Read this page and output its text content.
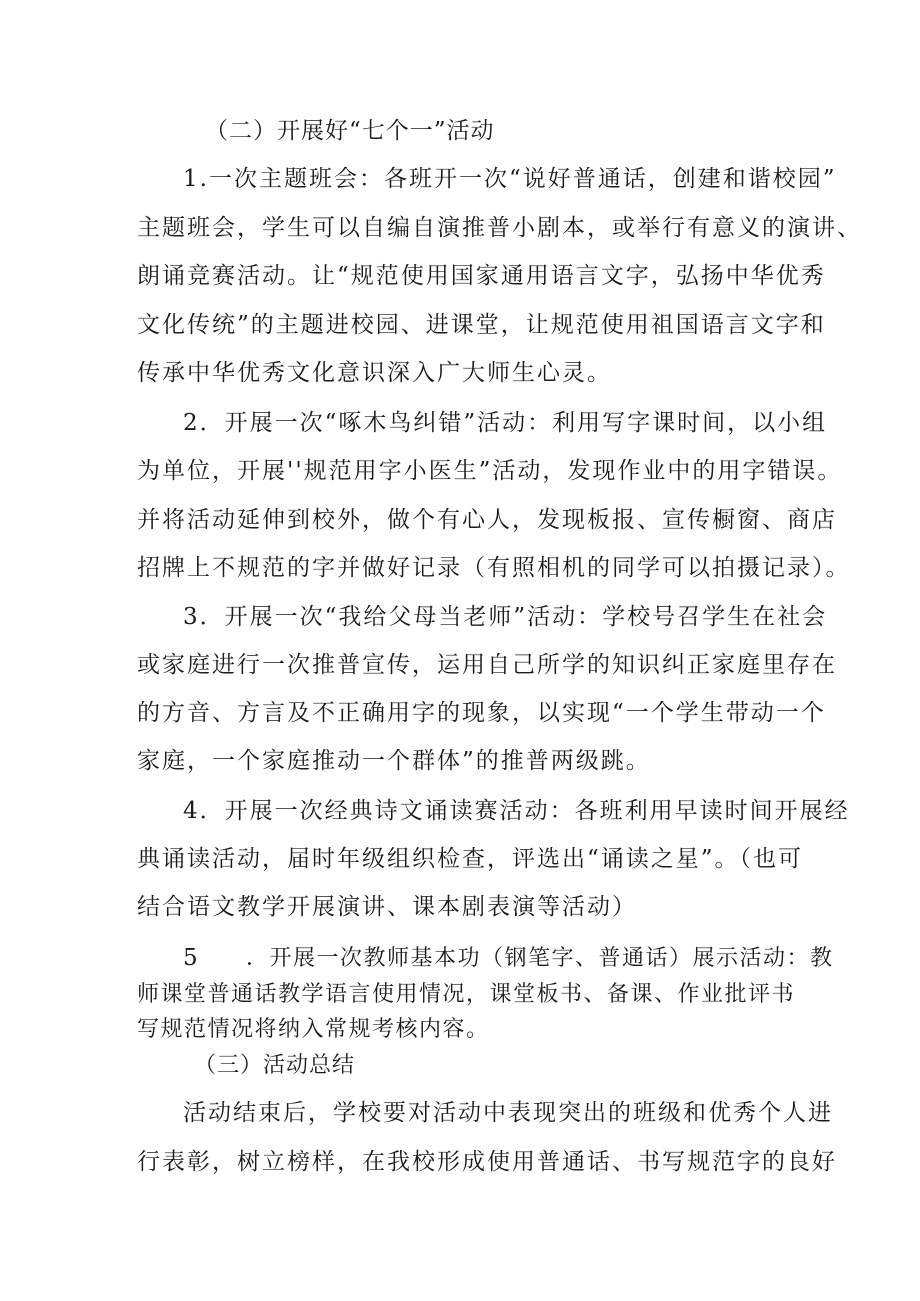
（二）开展好“七个一”活动
1.一次主题班会：各班开一次“说好普通话，创建和谐校园”
主题班会，学生可以自编自演推普小剧本，或举行有意义的演讲、
朗诵竞赛活动。让“规范使用国家通用语言文字，弘扬中华优秀
文化传统”的主题进校园、进课堂，让规范使用祖国语言文字和
传承中华优秀文化意识深入广大师生心灵。
2．开展一次“啄木鸟纠错”活动：利用写字课时间，以小组
为单位，开展''规范用字小医生”活动，发现作业中的用字错误。
并将活动延伸到校外，做个有心人，发现板报、宣传橱窗、商店
招牌上不规范的字并做好记录（有照相机的同学可以拍摄记录）。
3．开展一次“我给父母当老师”活动：学校号召学生在社会
或家庭进行一次推普宣传，运用自己所学的知识纠正家庭里存在
的方音、方言及不正确用字的现象，以实现“一个学生带动一个
家庭，一个家庭推动一个群体”的推普两级跳。
4．开展一次经典诗文诵读赛活动：各班利用早读时间开展经
典诵读活动，届时年级组织检查，评选出“诵读之星”。（也可
结合语文教学开展演讲、课本剧表演等活动）
5 ．开展一次教师基本功（钢笔字、普通话）展示活动：教
师课堂普通话教学语言使用情况，课堂板书、备课、作业批评书
写规范情况将纳入常规考核内容。
（三）活动总结
活动结束后，学校要对活动中表现突出的班级和优秀个人进
行表彰，树立榜样，在我校形成使用普通话、书写规范字的良好
